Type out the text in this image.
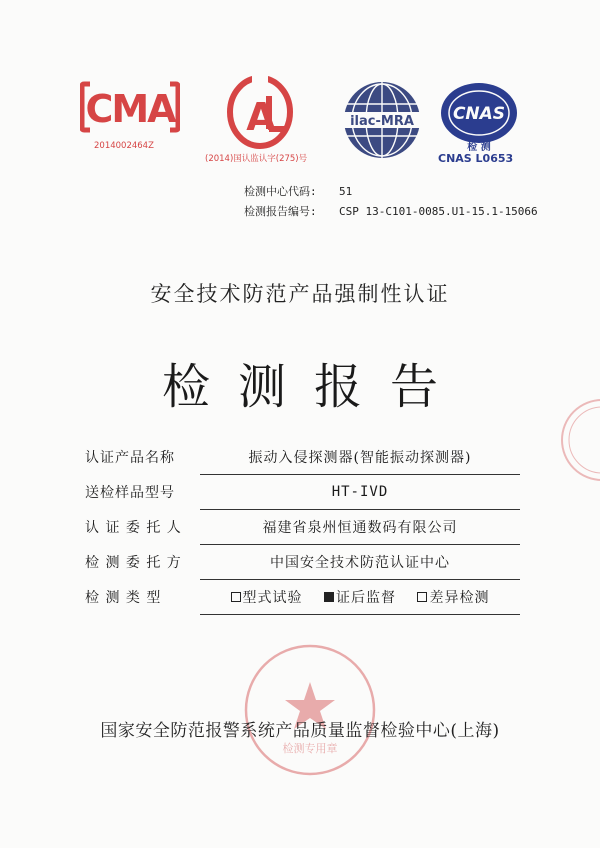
CMA
2014002464Z
A
(2014)国认监认字(275)号
ilac-MRA CNAS
检 测
CNAS L0653
检测中心代码: 51
检测报告编号: CSP 13-C101-0085.U1-15.1-15066
安全技术防范产品强制性认证
检测报告
认证产品名称	振动入侵探测器(智能振动探测器)
送检样品型号	HT-IVD
认 证 委 托 人	福建省泉州恒通数码有限公司
检 测 委 托 方	中国安全技术防范认证中心
检 测 类 型	型式试验 证后监督 差异检测
检测专用章
国家安全防范报警系统产品质量监督检验中心(上海)
